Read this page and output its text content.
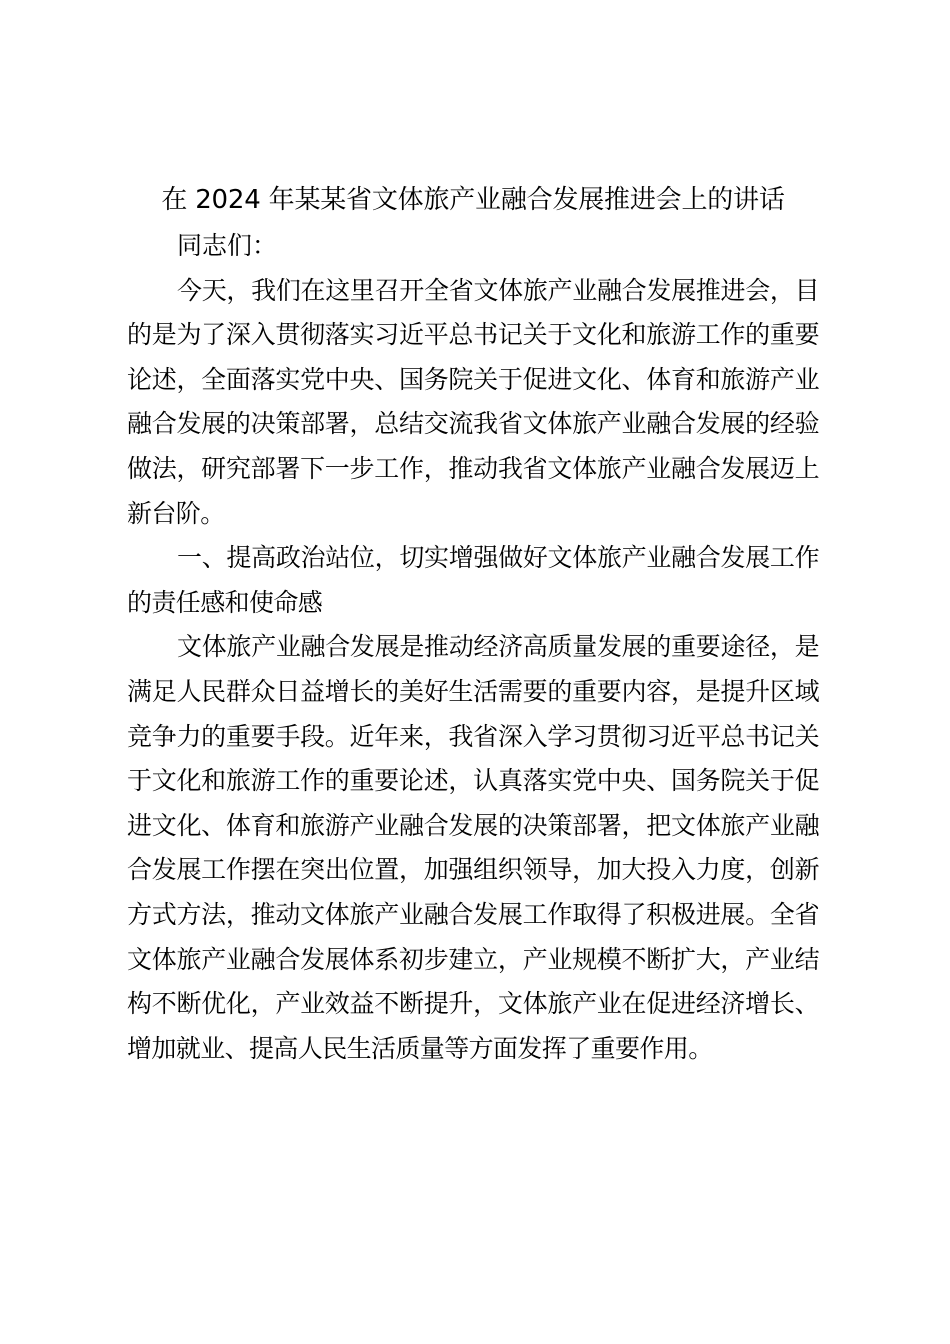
在 2024 年某某省文体旅产业融合发展推进会上的讲话

同志们：

今天，我们在这里召开全省文体旅产业融合发展推进会，目的是为了深入贯彻落实习近平总书记关于文化和旅游工作的重要论述，全面落实党中央、国务院关于促进文化、体育和旅游产业融合发展的决策部署，总结交流我省文体旅产业融合发展的经验做法，研究部署下一步工作，推动我省文体旅产业融合发展迈上新台阶。

一、提高政治站位，切实增强做好文体旅产业融合发展工作的责任感和使命感

文体旅产业融合发展是推动经济高质量发展的重要途径，是满足人民群众日益增长的美好生活需要的重要内容，是提升区域竞争力的重要手段。近年来，我省深入学习贯彻习近平总书记关于文化和旅游工作的重要论述，认真落实党中央、国务院关于促进文化、体育和旅游产业融合发展的决策部署，把文体旅产业融合发展工作摆在突出位置，加强组织领导，加大投入力度，创新方式方法，推动文体旅产业融合发展工作取得了积极进展。全省文体旅产业融合发展体系初步建立，产业规模不断扩大，产业结构不断优化，产业效益不断提升，文体旅产业在促进经济增长、增加就业、提高人民生活质量等方面发挥了重要作用。
